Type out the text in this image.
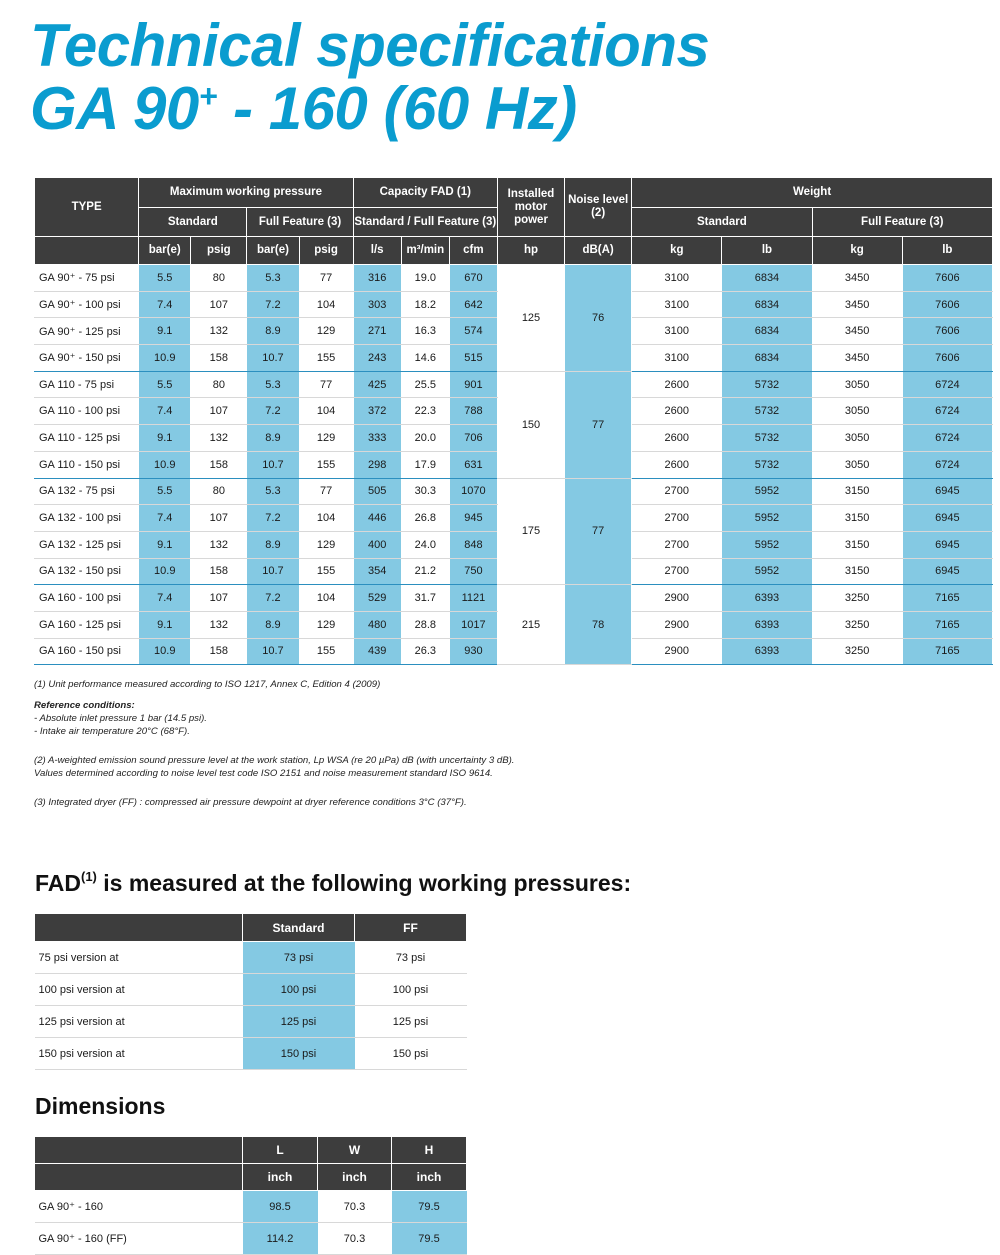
Technical specifications
GA 90+ - 160 (60 Hz)
TYPE	Maximum working pressure				Capacity FAD (1)			Installed motor power	Noise level (2)	Weight			
	Standard		Full Feature (3)		Standard / Full Feature (3)					Standard		Full Feature (3)	
	bar(e)	psig	bar(e)	psig	l/s	m³/min	cfm	hp	dB(A)	kg	lb	kg	lb
GA 90⁺ - 75 psi	5.5	80	5.3	77	316	19.0	670	125	76	3100	6834	3450	7606
GA 90⁺ - 100 psi	7.4	107	7.2	104	303	18.2	642			3100	6834	3450	7606
GA 90⁺ - 125 psi	9.1	132	8.9	129	271	16.3	574			3100	6834	3450	7606
GA 90⁺ - 150 psi	10.9	158	10.7	155	243	14.6	515			3100	6834	3450	7606
GA 110 - 75 psi	5.5	80	5.3	77	425	25.5	901	150	77	2600	5732	3050	6724
GA 110 - 100 psi	7.4	107	7.2	104	372	22.3	788			2600	5732	3050	6724
GA 110 - 125 psi	9.1	132	8.9	129	333	20.0	706			2600	5732	3050	6724
GA 110 - 150 psi	10.9	158	10.7	155	298	17.9	631			2600	5732	3050	6724
GA 132 - 75 psi	5.5	80	5.3	77	505	30.3	1070	175	77	2700	5952	3150	6945
GA 132 - 100 psi	7.4	107	7.2	104	446	26.8	945			2700	5952	3150	6945
GA 132 - 125 psi	9.1	132	8.9	129	400	24.0	848			2700	5952	3150	6945
GA 132 - 150 psi	10.9	158	10.7	155	354	21.2	750			2700	5952	3150	6945
GA 160 - 100 psi	7.4	107	7.2	104	529	31.7	1121	215	78	2900	6393	3250	7165
GA 160 - 125 psi	9.1	132	8.9	129	480	28.8	1017			2900	6393	3250	7165
GA 160 - 150 psi	10.9	158	10.7	155	439	26.3	930			2900	6393	3250	7165

(1) Unit performance measured according to ISO 1217, Annex C, Edition 4 (2009)

Reference conditions:

- Absolute inlet pressure 1 bar (14.5 psi).

- Intake air temperature 20°C (68°F).

(2) A-weighted emission sound pressure level at the work station, Lp WSA (re 20 µPa) dB (with uncertainty 3 dB).

Values determined according to noise level test code ISO 2151 and noise measurement standard ISO 9614.

(3) Integrated dryer (FF) : compressed air pressure dewpoint at dryer reference conditions 3°C (37°F).

FAD$^{(1)}$ is measured at the following working pressures:
	Standard	FF
75 psi version at	73 psi	73 psi
100 psi version at	100 psi	100 psi
125 psi version at	125 psi	125 psi
150 psi version at	150 psi	150 psi
Dimensions
	L	W	H
	inch	inch	inch
GA 90⁺ - 160	98.5	70.3	79.5
GA 90⁺ - 160 (FF)	114.2	70.3	79.5
